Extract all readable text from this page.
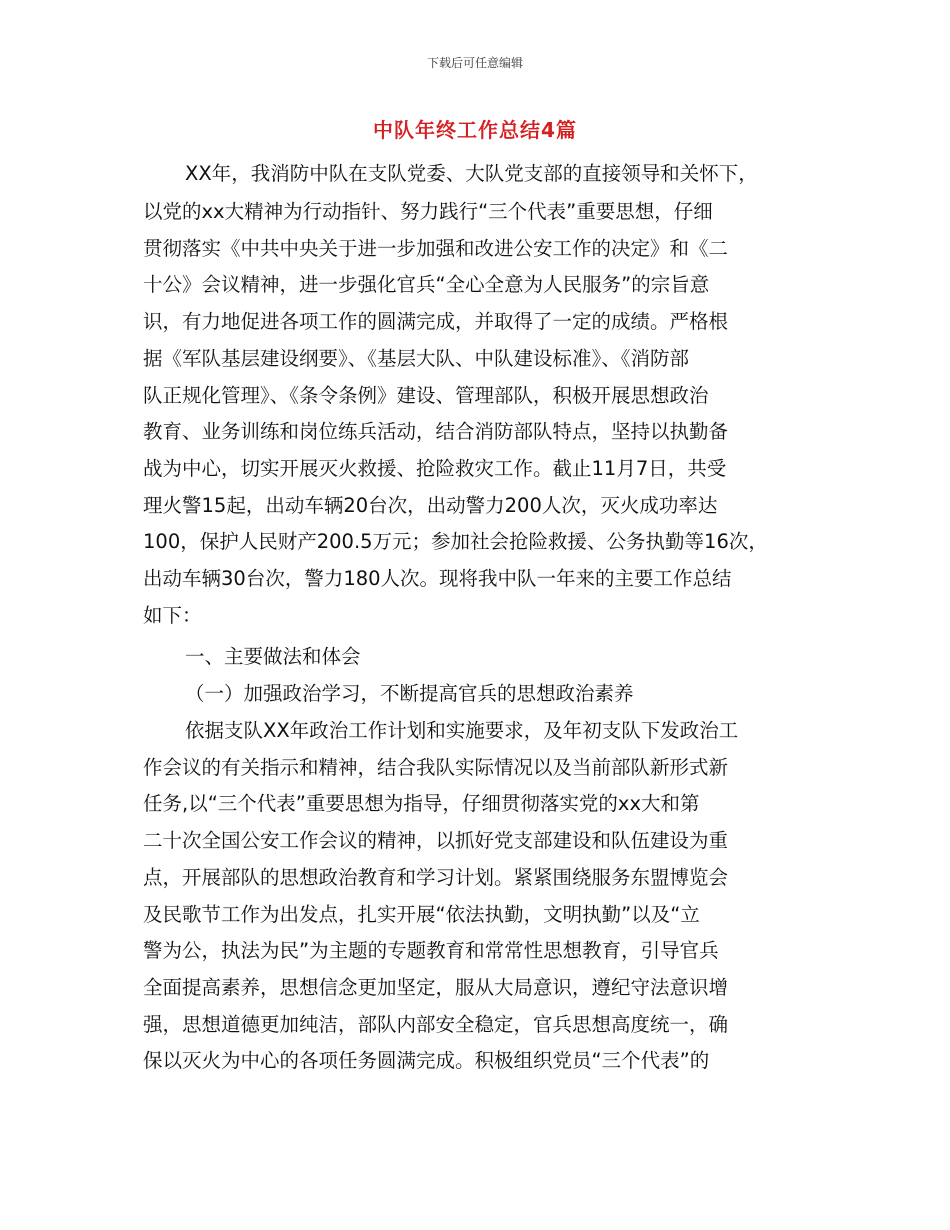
下载后可任意编辑
中队年终工作总结4篇
XX年，我消防中队在支队党委、大队党支部的直接领导和关怀下，
以党的xx大精神为行动指针、努力践行“三个代表”重要思想，仔细
贯彻落实《中共中央关于进一步加强和改进公安工作的决定》和《二
十公》会议精神，进一步强化官兵“全心全意为人民服务”的宗旨意
识，有力地促进各项工作的圆满完成，并取得了一定的成绩。严格根
据《军队基层建设纲要》、《基层大队、中队建设标准》、《消防部
队正规化管理》、《条令条例》建设、管理部队，积极开展思想政治
教育、业务训练和岗位练兵活动，结合消防部队特点，坚持以执勤备
战为中心，切实开展灭火救援、抢险救灾工作。截止11月7日，共受
理火警15起，出动车辆20台次，出动警力200人次，灭火成功率达
100，保护人民财产200.5万元；参加社会抢险救援、公务执勤等16次，
出动车辆30台次，警力180人次。现将我中队一年来的主要工作总结
如下：
一、主要做法和体会
（一）加强政治学习，不断提高官兵的思想政治素养
依据支队XX年政治工作计划和实施要求，及年初支队下发政治工
作会议的有关指示和精神，结合我队实际情况以及当前部队新形式新
任务,以“三个代表”重要思想为指导，仔细贯彻落实党的xx大和第
二十次全国公安工作会议的精神，以抓好党支部建设和队伍建设为重
点，开展部队的思想政治教育和学习计划。紧紧围绕服务东盟博览会
及民歌节工作为出发点，扎实开展“依法执勤，文明执勤”以及“立
警为公，执法为民”为主题的专题教育和常常性思想教育，引导官兵
全面提高素养，思想信念更加坚定，服从大局意识，遵纪守法意识增
强，思想道德更加纯洁，部队内部安全稳定，官兵思想高度统一，确
保以灭火为中心的各项任务圆满完成。积极组织党员“三个代表”的
